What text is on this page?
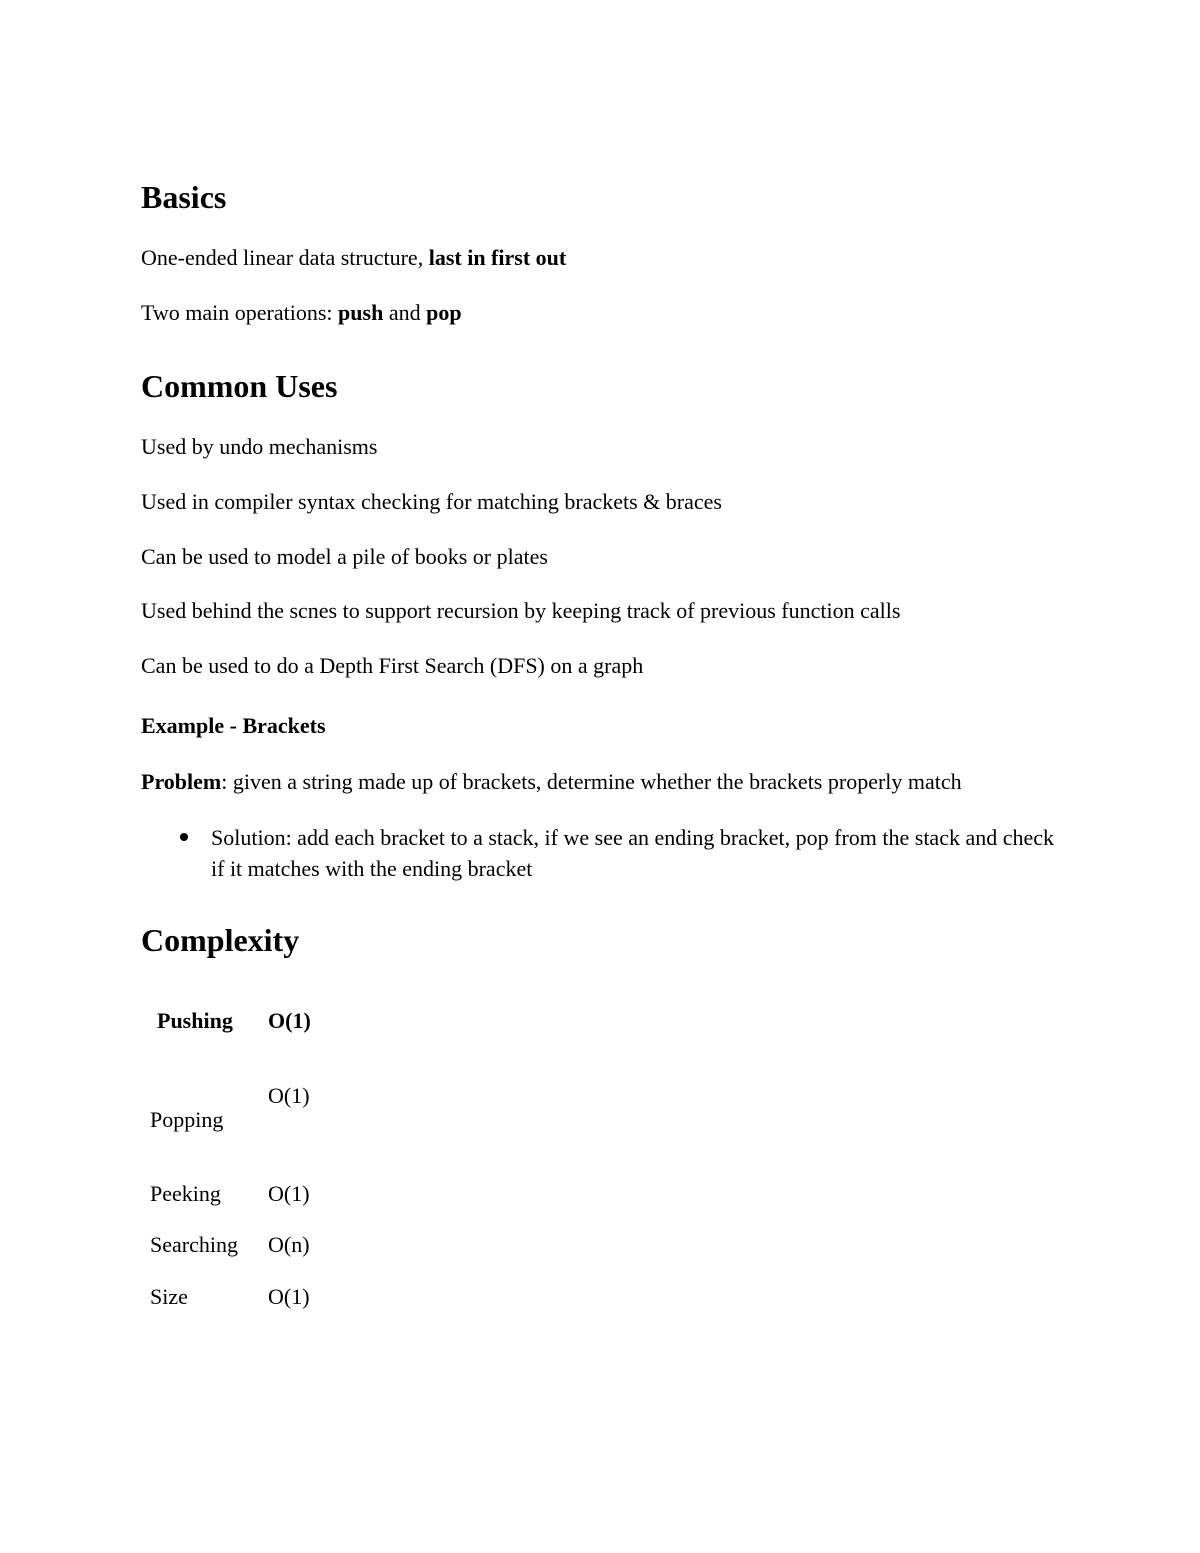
Basics
One-ended linear data structure, last in first out
Two main operations: push and pop
Common Uses
Used by undo mechanisms
Used in compiler syntax checking for matching brackets & braces
Can be used to model a pile of books or plates
Used behind the scnes to support recursion by keeping track of previous function calls
Can be used to do a Depth First Search (DFS) on a graph
Example - Brackets
Problem: given a string made up of brackets, determine whether the brackets properly match
Solution: add each bracket to a stack, if we see an ending bracket, pop from the stack and check if it matches with the ending bracket
Complexity
Pushing O(1)
Popping
O(1)
Peeking O(1)
Searching O(n)
Size	O(1)
